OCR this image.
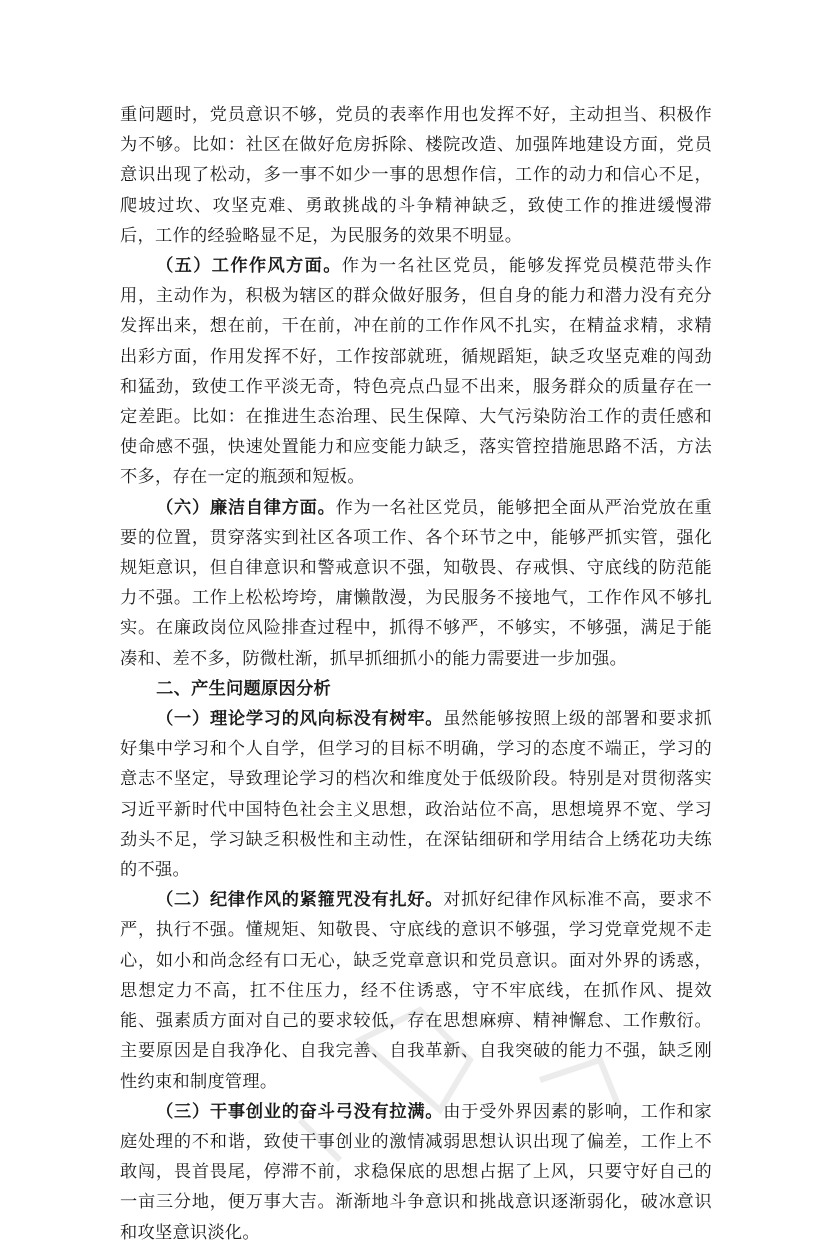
重问题时，党员意识不够，党员的表率作用也发挥不好，主动担当、积极作为不够。比如：社区在做好危房拆除、楼院改造、加强阵地建设方面，党员意识出现了松动，多一事不如少一事的思想作信，工作的动力和信心不足，爬坡过坎、攻坚克难、勇敢挑战的斗争精神缺乏，致使工作的推进缓慢滞后，工作的经验略显不足，为民服务的效果不明显。

（五）工作作风方面。作为一名社区党员，能够发挥党员模范带头作用，主动作为，积极为辖区的群众做好服务，但自身的能力和潜力没有充分发挥出来，想在前，干在前，冲在前的工作作风不扎实，在精益求精，求精出彩方面，作用发挥不好，工作按部就班，循规蹈矩，缺乏攻坚克难的闯劲和猛劲，致使工作平淡无奇，特色亮点凸显不出来，服务群众的质量存在一定差距。比如：在推进生态治理、民生保障、大气污染防治工作的责任感和使命感不强，快速处置能力和应变能力缺乏，落实管控措施思路不活，方法不多，存在一定的瓶颈和短板。

（六）廉洁自律方面。作为一名社区党员，能够把全面从严治党放在重要的位置，贯穿落实到社区各项工作、各个环节之中，能够严抓实管，强化规矩意识，但自律意识和警戒意识不强，知敬畏、存戒惧、守底线的防范能力不强。工作上松松垮垮，庸懒散漫，为民服务不接地气，工作作风不够扎实。在廉政岗位风险排查过程中，抓得不够严，不够实，不够强，满足于能凑和、差不多，防微杜渐，抓早抓细抓小的能力需要进一步加强。

二、产生问题原因分析

（一）理论学习的风向标没有树牢。虽然能够按照上级的部署和要求抓好集中学习和个人自学，但学习的目标不明确，学习的态度不端正，学习的意志不坚定，导致理论学习的档次和维度处于低级阶段。特别是对贯彻落实习近平新时代中国特色社会主义思想，政治站位不高，思想境界不宽、学习劲头不足，学习缺乏积极性和主动性，在深钻细研和学用结合上绣花功夫练的不强。

（二）纪律作风的紧箍咒没有扎好。对抓好纪律作风标准不高，要求不严，执行不强。懂规矩、知敬畏、守底线的意识不够强，学习党章党规不走心，如小和尚念经有口无心，缺乏党章意识和党员意识。面对外界的诱惑，思想定力不高，扛不住压力，经不住诱惑，守不牢底线，在抓作风、提效能、强素质方面对自己的要求较低，存在思想麻痹、精神懈怠、工作敷衍。主要原因是自我净化、自我完善、自我革新、自我突破的能力不强，缺乏刚性约束和制度管理。

（三）干事创业的奋斗弓没有拉满。由于受外界因素的影响，工作和家庭处理的不和谐，致使干事创业的激情减弱思想认识出现了偏差，工作上不敢闯，畏首畏尾，停滞不前，求稳保底的思想占据了上风，只要守好自己的一亩三分地，便万事大吉。渐渐地斗争意识和挑战意识逐渐弱化，破冰意识和攻坚意识淡化。
